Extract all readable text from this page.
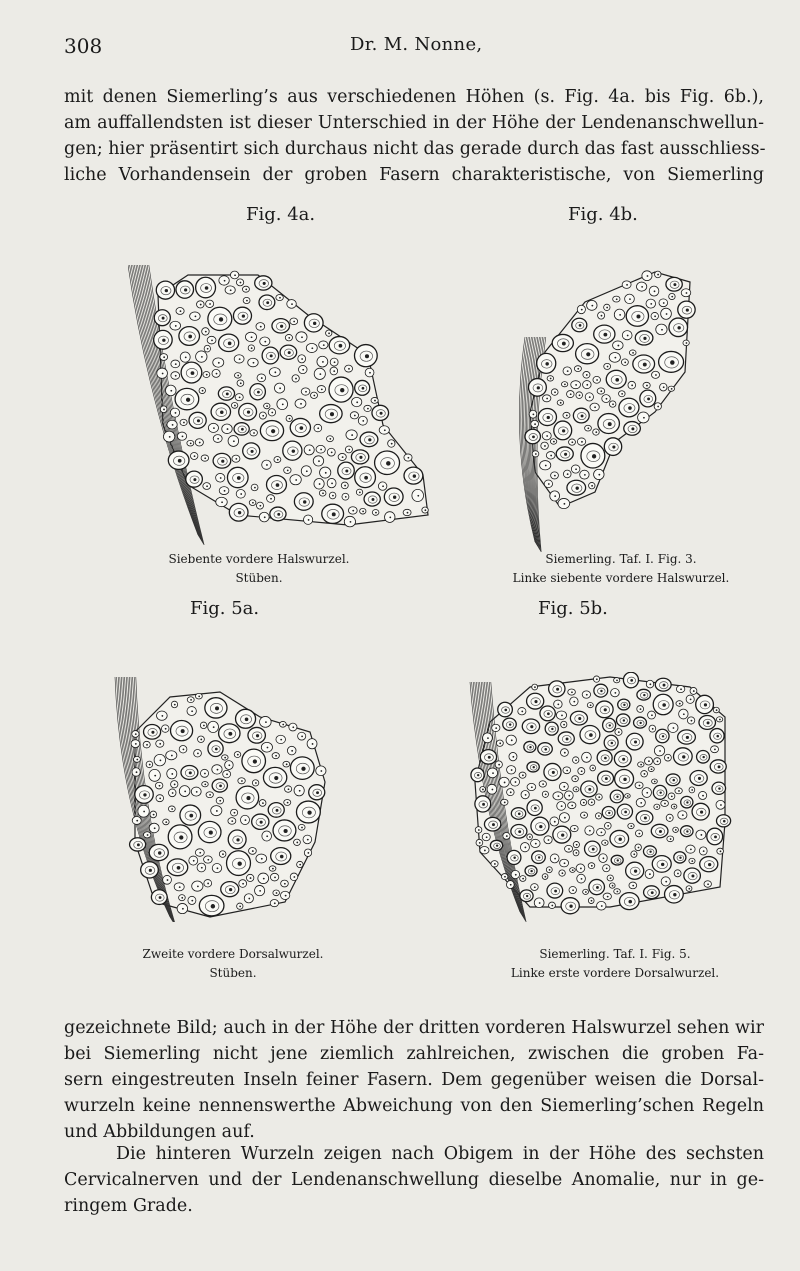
308	Dr. M. Nonne,
mit denen Siemerling’s aus verschiedenen Höhen (s. Fig. 4a. bis Fig. 6b.),
am auffallendsten ist dieser Unterschied in der Höhe der Lendenanschwellun-
gen; hier präsentirt sich durchaus nicht das gerade durch das fast ausschliess-
liche Vorhandensein der groben Fasern charakteristische, von Siemerling
Fig. 4a.
Siebente vordere Halswurzel.
Stüben.
Fig. 4b.
Siemerling. Taf. I. Fig. 3.
Linke siebente vordere Halswurzel.
Fig. 5a.
Zweite vordere Dorsalwurzel.
Stüben.
Fig. 5b.
Siemerling. Taf. I. Fig. 5.
Linke erste vordere Dorsalwurzel.
gezeichnete Bild; auch in der Höhe der dritten vorderen Halswurzel sehen wir
bei Siemerling nicht jene ziemlich zahlreichen, zwischen die groben Fa-
sern eingestreuten Inseln feiner Fasern. Dem gegenüber weisen die Dorsal-
wurzeln keine nennenswerthe Abweichung von den Siemerling’schen Regeln
und Abbildungen auf.
Die hinteren Wurzeln zeigen nach Obigem in der Höhe des sechsten
Cervicalnerven und der Lendenanschwellung dieselbe Anomalie, nur in ge-
ringem Grade.
